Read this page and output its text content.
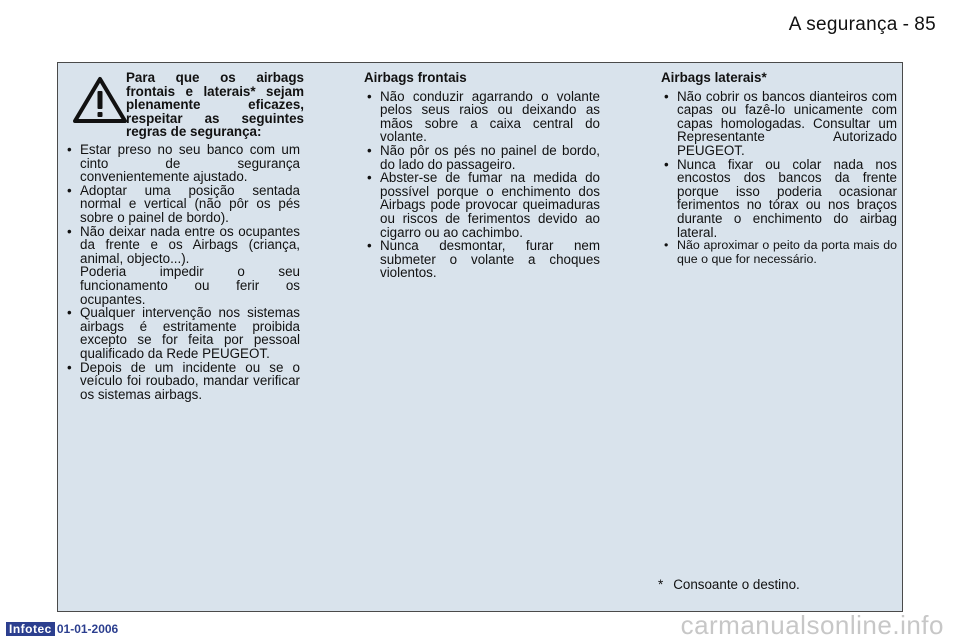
A segurança - 85
Para que os airbags
frontais e laterais* sejam
plenamente eficazes,
respeitar as seguintes
regras de segurança:
• Estar preso no seu banco com um cinto de segurança convenientemente ajustado.
• Adoptar uma posição sentada normal e vertical (não pôr os pés sobre o painel de bordo).
• Não deixar nada entre os ocupantes da frente e os Airbags (criança, animal, objecto...).
Poderia impedir o seu funcionamento ou ferir os ocupantes.
• Qualquer intervenção nos sistemas airbags é estritamente proibida excepto se for feita por pessoal qualificado da Rede PEUGEOT.
• Depois de um incidente ou se o veículo foi roubado, mandar verificar os sistemas airbags.
Airbags frontais
• Não conduzir agarrando o volante pelos seus raios ou deixando as mãos sobre a caixa central do volante.
• Não pôr os pés no painel de bordo, do lado do passageiro.
• Abster-se de fumar na medida do possível porque o enchimento dos Airbags pode provocar queimaduras ou riscos de ferimentos devido ao cigarro ou ao cachimbo.
• Nunca desmontar, furar nem submeter o volante a choques violentos.
Airbags laterais*
• Não cobrir os bancos dianteiros com capas ou fazê-lo unicamente com capas homologadas. Consultar um Representante Autorizado PEUGEOT.
• Nunca fixar ou colar nada nos encostos dos bancos da frente porque isso poderia ocasionar ferimentos no tórax ou nos braços durante o enchimento do airbag lateral.
• Não aproximar o peito da porta mais do que o que for necessário.
* Consoante o destino.
Infotec 01-01-2006	carmanualsonline.info
